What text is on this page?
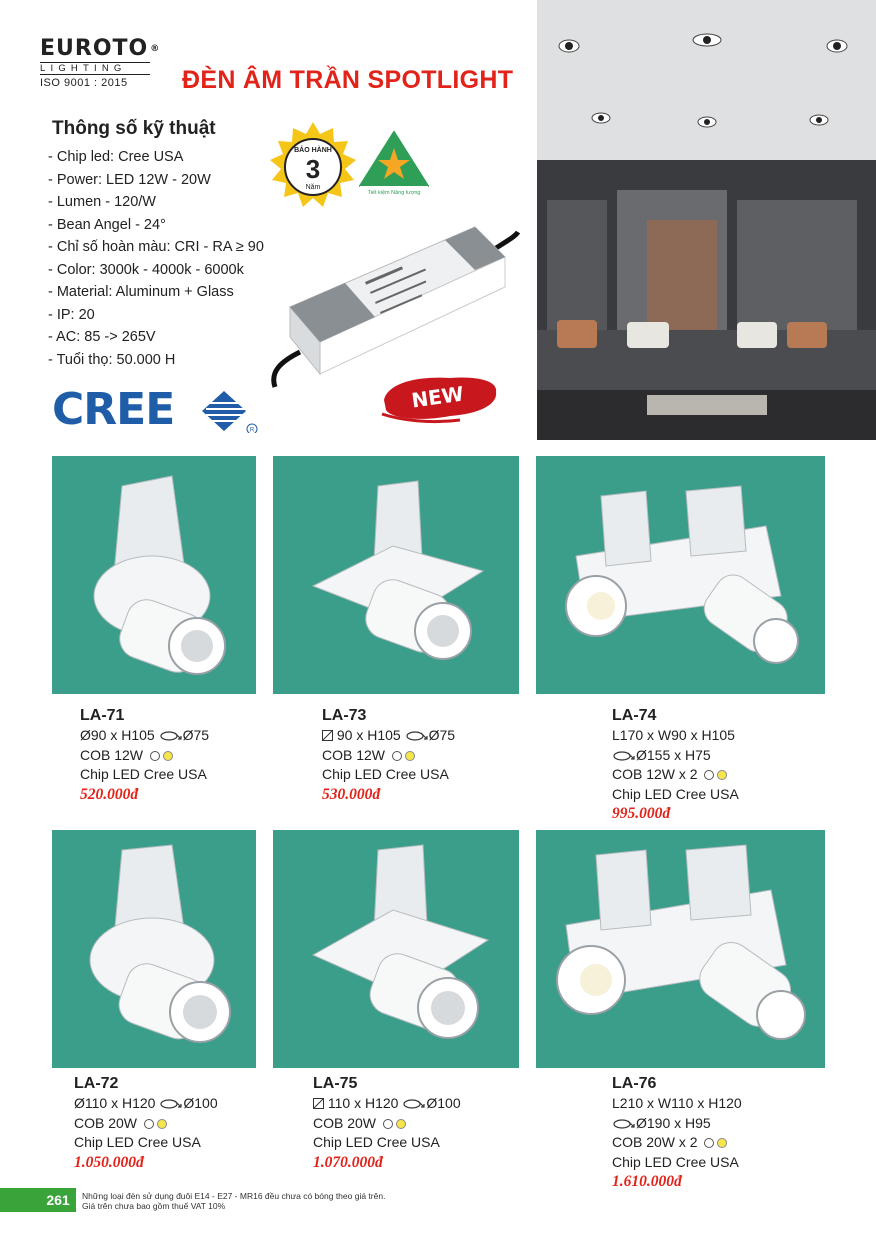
EUROTO ®
LIGHTING
ISO 9001 : 2015	ĐÈN ÂM TRẦN SPOTLIGHT
Thông số kỹ thuật
- Chip led: Cree USA
- Power: LED 12W - 20W
- Lumen - 120/W
- Bean Angel - 24°
- Chỉ số hoàn màu: CRI - RA ≥ 90
- Color: 3000k - 4000k - 6000k
- Material: Aluminum + Glass
- IP: 20
- AC: 85 -> 265V
- Tuổi thọ: 50.000 H
BẢO HÀNH
3
Năm
Tiết kiệm Năng lượng
CREE	R
NEW
LA-71
Ø90 x H105 Ø75
COB 12W
Chip LED Cree USA
520.000đ
LA-73
90 x H105 Ø75
COB 12W
Chip LED Cree USA
530.000đ
LA-74
L170 x W90 x H105
Ø155 x H75
COB 12W x 2
Chip LED Cree USA
995.000đ
LA-72
Ø110 x H120 Ø100
COB 20W
Chip LED Cree USA
1.050.000đ
LA-75
110 x H120 Ø100
COB 20W
Chip LED Cree USA
1.070.000đ
LA-76
L210 x W110 x H120
Ø190 x H95
COB 20W x 2
Chip LED Cree USA
1.610.000đ
261	Những loại đèn sử dụng đuôi E14 - E27 - MR16 đều chưa có bóng theo giá trên.
Giá trên chưa bao gồm thuế VAT 10%
